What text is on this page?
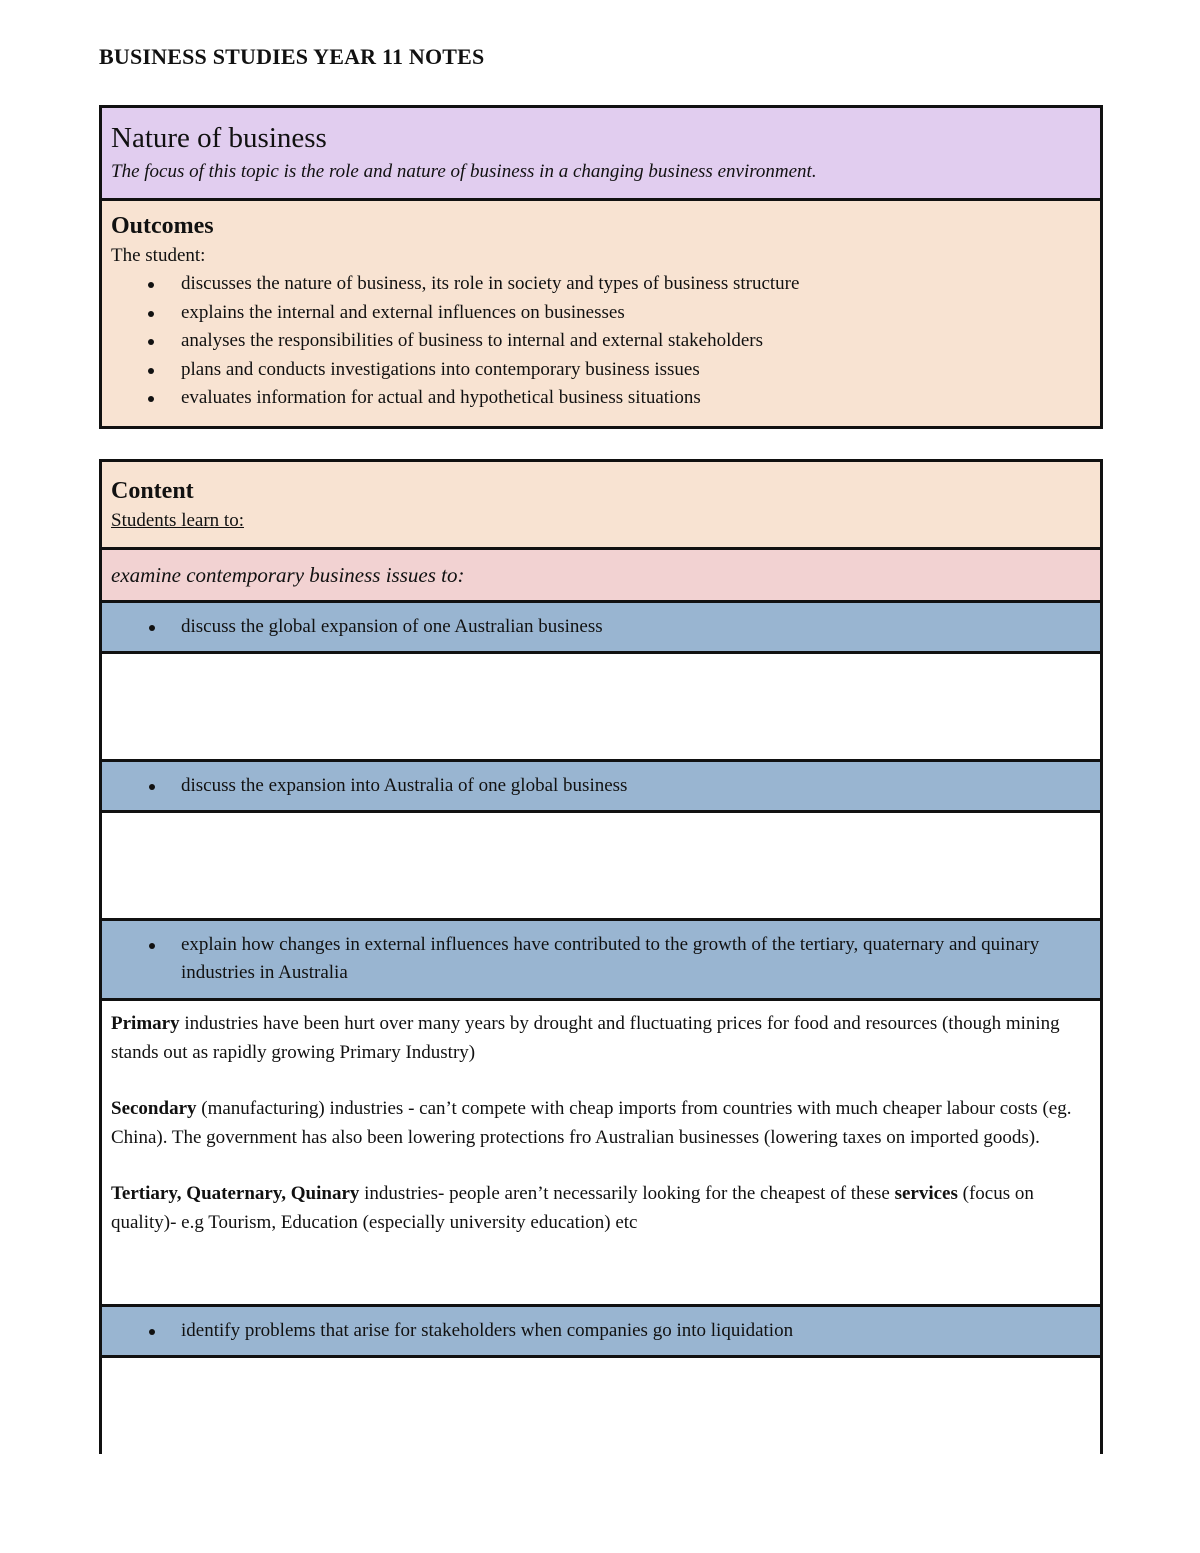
BUSINESS STUDIES YEAR 11 NOTES
Nature of business
The focus of this topic is the role and nature of business in a changing business environment.
Outcomes
The student:
discusses the nature of business, its role in society and types of business structure
explains the internal and external influences on businesses
analyses the responsibilities of business to internal and external stakeholders
plans and conducts investigations into contemporary business issues
evaluates information for actual and hypothetical business situations
Content
Students learn to:
examine contemporary business issues to:
discuss the global expansion of one Australian business
discuss the expansion into Australia of one global business
explain how changes in external influences have contributed to the growth of the tertiary, quaternary and quinary industries in Australia

Primary industries have been hurt over many years by drought and fluctuating prices for food and resources (though mining stands out as rapidly growing Primary Industry)

Secondary (manufacturing) industries - can’t compete with cheap imports from countries with much cheaper labour costs (eg. China). The government has also been lowering protections fro Australian businesses (lowering taxes on imported goods).

Tertiary, Quaternary, Quinary industries- people aren’t necessarily looking for the cheapest of these services (focus on quality)- e.g Tourism, Education (especially university education) etc

identify problems that arise for stakeholders when companies go into liquidation
